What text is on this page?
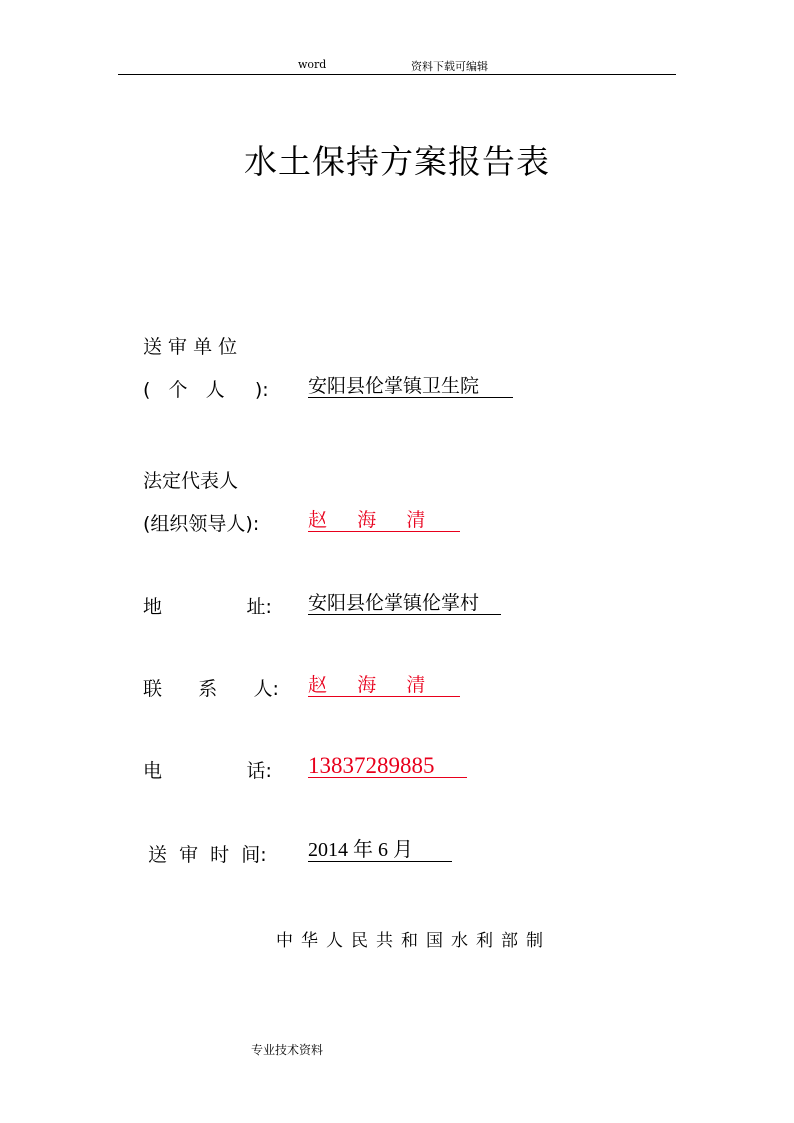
word	资料下载可编辑
水土保持方案报告表
送 审 单 位
(   个   人     ): 安阳县伦掌镇卫生院
法定代表人
(组织领导人):	赵     海     清
地              址: 安阳县伦掌镇伦掌村
联      系      人: 赵     海     清
电              话: 13837289885
送  审  时  间: 2014 年 6 月
中华人民共和国水利部制
专业技术资料
